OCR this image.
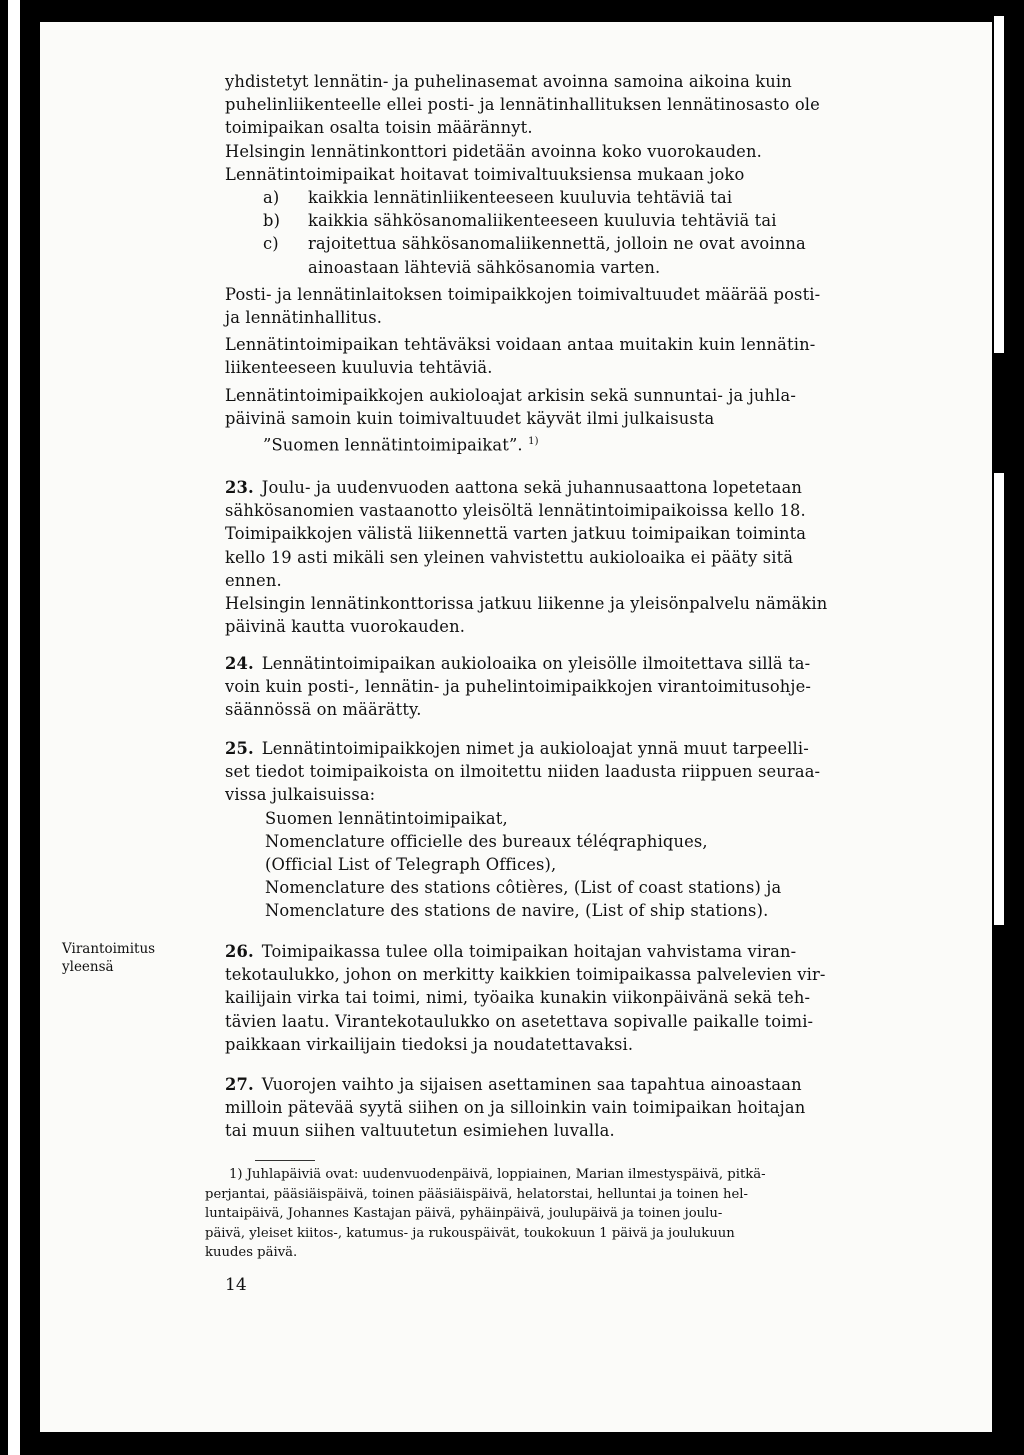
yhdistetyt lennätin- ja puhelinasemat avoinna samoina aikoina kuin

puhelinliikenteelle ellei posti- ja lennätinhallituksen lennätinosasto ole

toimipaikan osalta toisin määrännyt.

Helsingin lennätinkonttori pidetään avoinna koko vuorokauden.

Lennätintoimipaikat hoitavat toimivaltuuksiensa mukaan joko

a) kaikkia lennätinliikenteeseen kuuluvia tehtäviä tai

b) kaikkia sähkösanomaliikenteeseen kuuluvia tehtäviä tai

c) rajoitettua sähkösanomaliikennettä, jolloin ne ovat avoinna

ainoastaan lähteviä sähkösanomia varten.

Posti- ja lennätinlaitoksen toimipaikkojen toimivaltuudet määrää posti-

ja lennätinhallitus.

Lennätintoimipaikan tehtäväksi voidaan antaa muitakin kuin lennätin-

liikenteeseen kuuluvia tehtäviä.

Lennätintoimipaikkojen aukioloajat arkisin sekä sunnuntai- ja juhla-

päivinä samoin kuin toimivaltuudet käyvät ilmi julkaisusta

”Suomen lennätintoimipaikat”. $^{1)}$

23. Joulu- ja uudenvuoden aattona sekä juhannusaattona lopetetaan

sähkösanomien vastaanotto yleisöltä lennätintoimipaikoissa kello 18.

Toimipaikkojen välistä liikennettä varten jatkuu toimipaikan toiminta

kello 19 asti mikäli sen yleinen vahvistettu aukioloaika ei pääty sitä

ennen.

Helsingin lennätinkonttorissa jatkuu liikenne ja yleisönpalvelu nämäkin

päivinä kautta vuorokauden.

24. Lennätintoimipaikan aukioloaika on yleisölle ilmoitettava sillä ta-

voin kuin posti-, lennätin- ja puhelintoimipaikkojen virantoimitusohje-

säännössä on määrätty.

25. Lennätintoimipaikkojen nimet ja aukioloajat ynnä muut tarpeelli-

set tiedot toimipaikoista on ilmoitettu niiden laadusta riippuen seuraa-

vissa julkaisuissa:

Suomen lennätintoimipaikat,

Nomenclature officielle des bureaux téléqraphiques,

(Official List of Telegraph Offices),

Nomenclature des stations côtières, (List of coast stations) ja

Nomenclature des stations de navire, (List of ship stations).

Virantoimitus
yleensä

26. Toimipaikassa tulee olla toimipaikan hoitajan vahvistama viran-

tekotaulukko, johon on merkitty kaikkien toimipaikassa palvelevien vir-

kailijain virka tai toimi, nimi, työaika kunakin viikonpäivänä sekä teh-

tävien laatu. Virantekotaulukko on asetettava sopivalle paikalle toimi-

paikkaan virkailijain tiedoksi ja noudatettavaksi.

27. Vuorojen vaihto ja sijaisen asettaminen saa tapahtua ainoastaan

milloin pätevää syytä siihen on ja silloinkin vain toimipaikan hoitajan

tai muun siihen valtuutetun esimiehen luvalla.

1) Juhlapäiviä ovat: uudenvuodenpäivä, loppiainen, Marian ilmestyspäivä, pitkä-
perjantai, pääsiäispäivä, toinen pääsiäispäivä, helatorstai, helluntai ja toinen hel-
luntaipäivä, Johannes Kastajan päivä, pyhäinpäivä, joulupäivä ja toinen joulu-
päivä, yleiset kiitos-, katumus- ja rukouspäivät, toukokuun 1 päivä ja joulukuun
kuudes päivä.
14
